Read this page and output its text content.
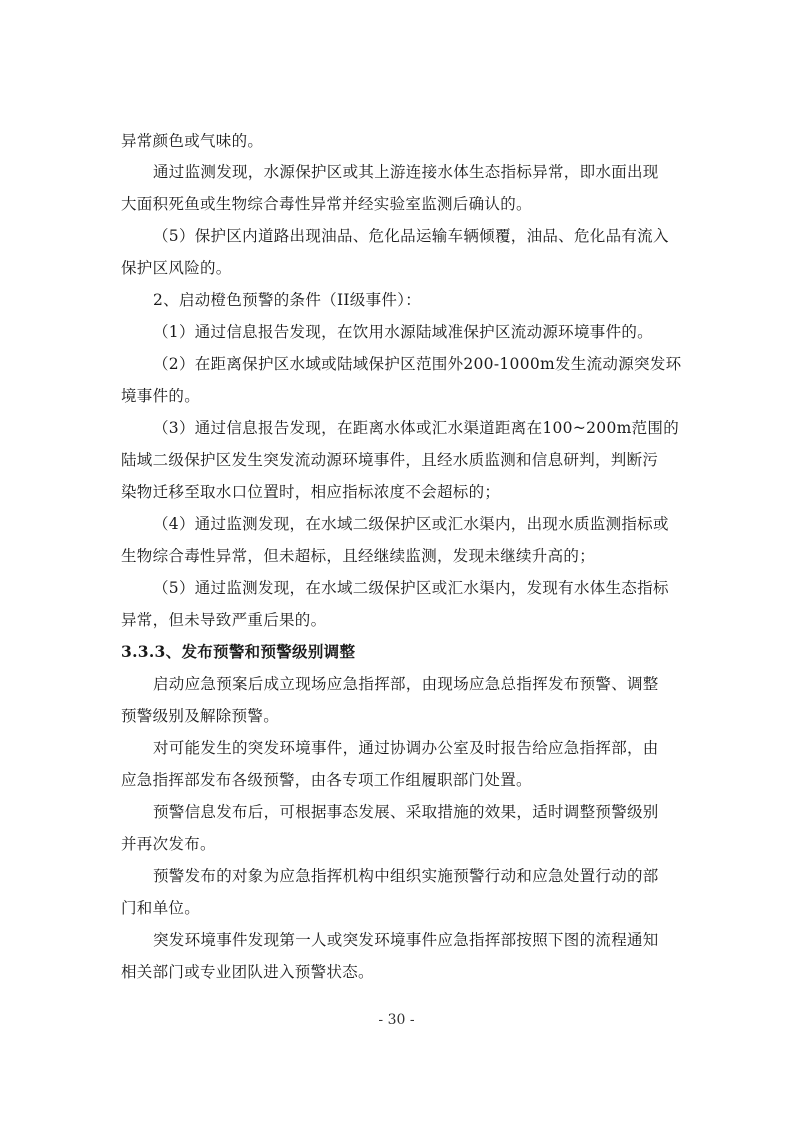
异常颜色或气味的。
通过监测发现，水源保护区或其上游连接水体生态指标异常，即水面出现
大面积死鱼或生物综合毒性异常并经实验室监测后确认的。
（5）保护区内道路出现油品、危化品运输车辆倾覆，油品、危化品有流入
保护区风险的。
2、启动橙色预警的条件（II级事件）：
（1）通过信息报告发现，在饮用水源陆域准保护区流动源环境事件的。
（2）在距离保护区水域或陆域保护区范围外200-1000m发生流动源突发环
境事件的。
（3）通过信息报告发现，在距离水体或汇水渠道距离在100~200m范围的
陆域二级保护区发生突发流动源环境事件，且经水质监测和信息研判，判断污
染物迁移至取水口位置时，相应指标浓度不会超标的；
（4）通过监测发现，在水域二级保护区或汇水渠内，出现水质监测指标或
生物综合毒性异常，但未超标，且经继续监测，发现未继续升高的；
（5）通过监测发现，在水域二级保护区或汇水渠内，发现有水体生态指标
异常，但未导致严重后果的。
3.3.3、发布预警和预警级别调整
启动应急预案后成立现场应急指挥部，由现场应急总指挥发布预警、调整
预警级别及解除预警。
对可能发生的突发环境事件，通过协调办公室及时报告给应急指挥部，由
应急指挥部发布各级预警，由各专项工作组履职部门处置。
预警信息发布后，可根据事态发展、采取措施的效果，适时调整预警级别
并再次发布。
预警发布的对象为应急指挥机构中组织实施预警行动和应急处置行动的部
门和单位。
突发环境事件发现第一人或突发环境事件应急指挥部按照下图的流程通知
相关部门或专业团队进入预警状态。
- 30 -
